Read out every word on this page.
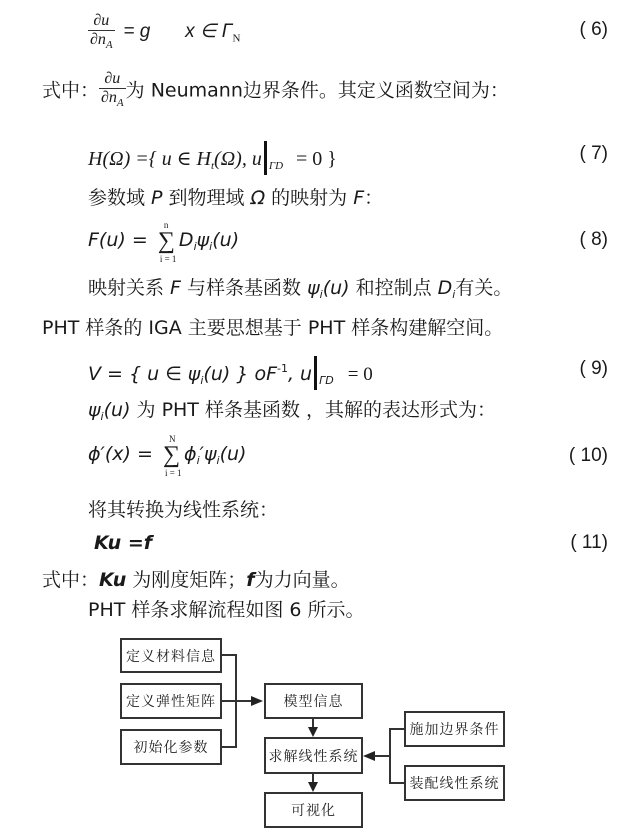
$\frac{\partial u}{\partial n_A} = g$ x ∈ $\Gamma_N$	( 6)
式中： $\frac{\partial u}{\partial n_A}$ 为 Neumann边界条件。其定义函数空间为：
H(Ω) ={ u ∈ $H_t(\Omega)$, u $_{\Gamma D}$ = 0 }	( 7)
参数域 P 到物理域 Ω 的映射为 F：
F(u) = ∑
n
i = 1
$D_i\psi_i(u)$	( 8)
映射关系 F 与样条基函数 $\psi_i(u)$ 和控制点 $D_i$有关。
PHT 样条的 IGA 主要思想基于 PHT 样条构建解空间。
V = { u ∈ $\psi_i(u)$ } $oF^{-1}$, u $_{\Gamma D}$ = 0	( 9)
$\psi_i(u)$ 为 PHT 样条基函数 ，其解的表达形式为：
ϕ′(x) = ∑
N
i = 1
$\phi_i'\psi_i(u)$	( 10)
将其转换为线性系统：
Ku =f	( 11)
式中：Ku 为刚度矩阵；f为力向量。
PHT 样条求解流程如图 6 所示。
定义材料信息
定义弹性矩阵
初始化参数
模型信息
求解线性系统
可视化
施加边界条件
装配线性系统
